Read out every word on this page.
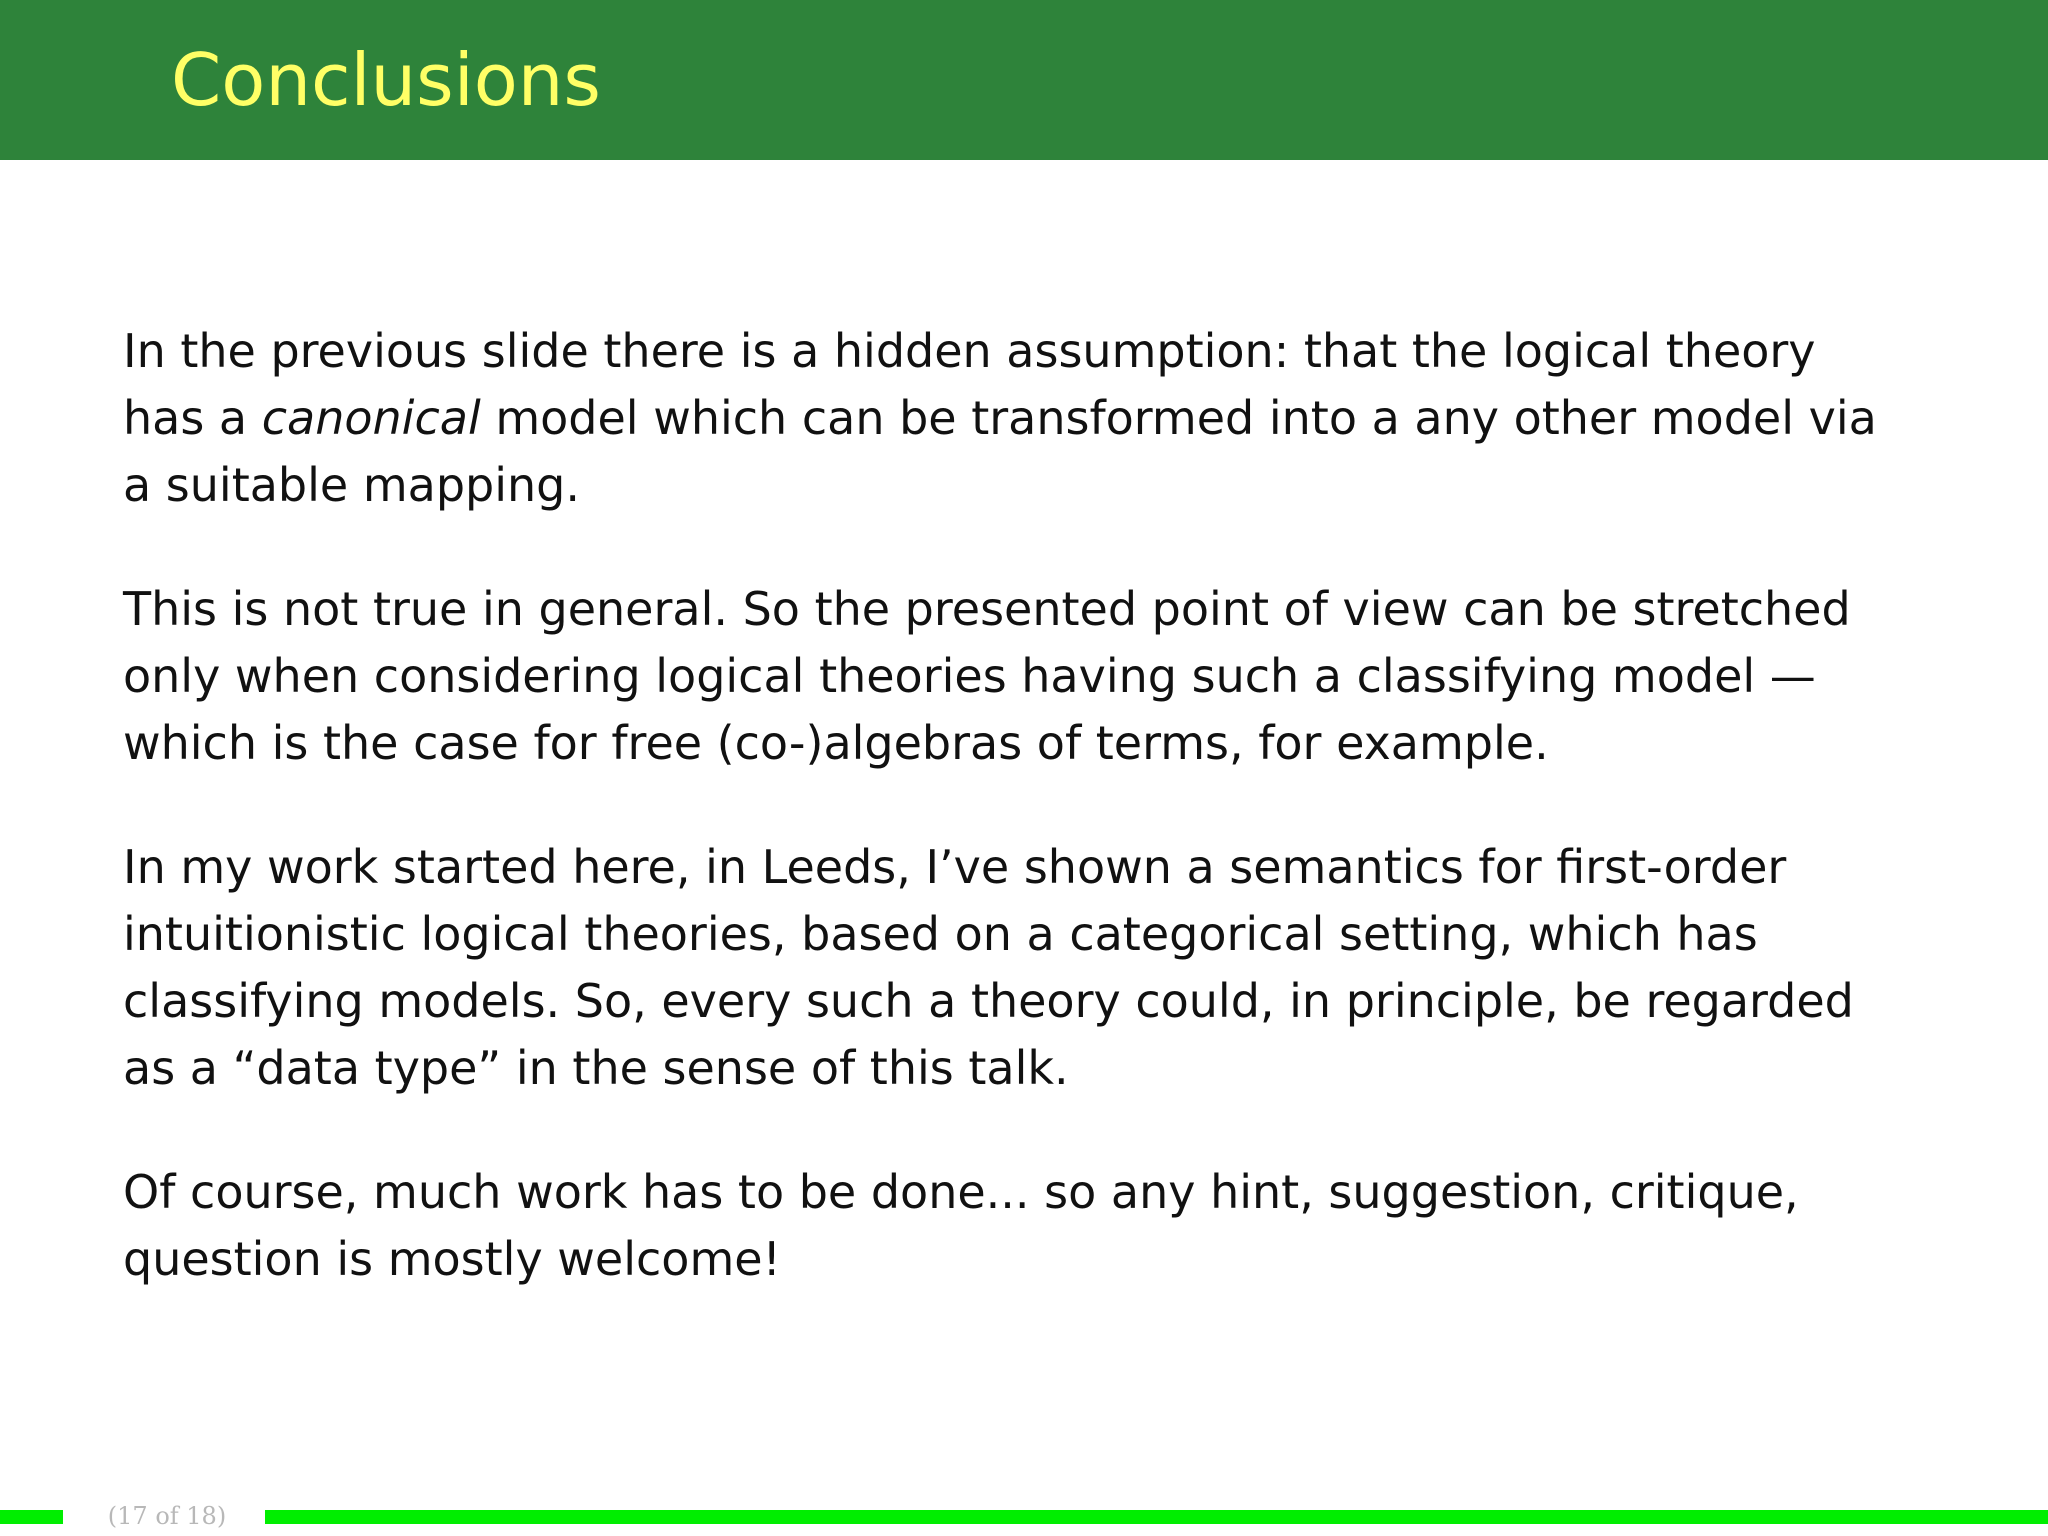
Conclusions

In the previous slide there is a hidden assumption: that the logical theory
has a canonical model which can be transformed into a any other model via
a suitable mapping.

This is not true in general. So the presented point of view can be stretched
only when considering logical theories having such a classifying model —
which is the case for free (co-)algebras of terms, for example.

In my work started here, in Leeds, I’ve shown a semantics for first-order
intuitionistic logical theories, based on a categorical setting, which has
classifying models. So, every such a theory could, in principle, be regarded
as a “data type” in the sense of this talk.

Of course, much work has to be done... so any hint, suggestion, critique,
question is mostly welcome!

(17 of 18)
